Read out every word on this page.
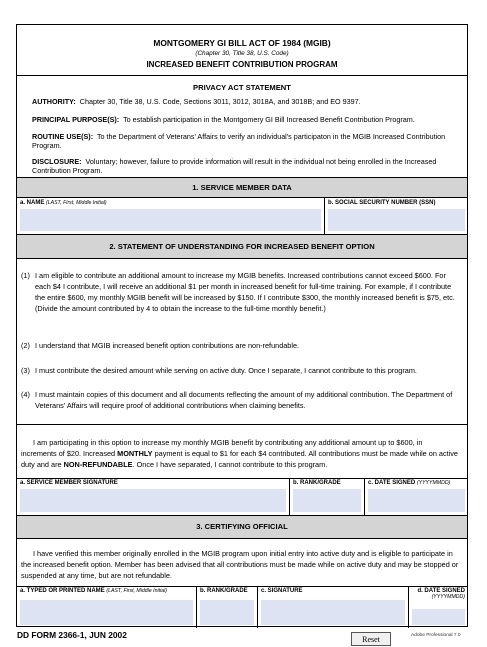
MONTGOMERY GI BILL ACT OF 1984 (MGIB)
(Chapter 30, Title 38, U.S. Code)
INCREASED BENEFIT CONTRIBUTION PROGRAM
PRIVACY ACT STATEMENT
AUTHORITY: Chapter 30, Title 38, U.S. Code, Sections 3011, 3012, 3018A, and 3018B; and EO 9397.
PRINCIPAL PURPOSE(S): To establish participation in the Montgomery GI Bill Increased Benefit Contribution Program.
ROUTINE USE(S): To the Department of Veterans' Affairs to verify an individual's participaton in the MGIB Increased Contribution Program.
DISCLOSURE: Voluntary; however, failure to provide information will result in the individual not being enrolled in the Increased Contribution Program.
1. SERVICE MEMBER DATA
a. NAME (LAST, First, Middle Initial)	b. SOCIAL SECURITY NUMBER (SSN)
2. STATEMENT OF UNDERSTANDING FOR INCREASED BENEFIT OPTION
(1) I am eligible to contribute an additional amount to increase my MGIB benefits. Increased contributions cannot exceed $600. For each $4 I contribute, I will receive an additional $1 per month in increased benefit for full-time training. For example, if I contribute the entire $600, my monthly MGIB benefit will be increased by $150. If I contribute $300, the monthly increased benefit is $75, etc. (Divide the amount contributed by 4 to obtain the increase to the full-time monthly benefit.)
(2) I understand that MGIB increased benefit option contributions are non-refundable.
(3) I must contribute the desired amount while serving on active duty. Once I separate, I cannot contribute to this program.
(4) I must maintain copies of this document and all documents reflecting the amount of my additional contribution. The Department of Veterans' Affairs will require proof of additional contributions when claiming benefits.
I am participating in this option to increase my monthly MGIB benefit by contributing any additional amount up to $600, in increments of $20. Increased MONTHLY payment is equal to $1 for each $4 contributed. All contributions must be made while on active duty and are NON-REFUNDABLE. Once I have separated, I cannot contribute to this program.
a. SERVICE MEMBER SIGNATURE	b. RANK/GRADE	c. DATE SIGNED (YYYYMMDD)
3. CERTIFYING OFFICIAL
I have verified this member originally enrolled in the MGIB program upon initial entry into active duty and is eligible to participate in the increased benefit option. Member has been advised that all contributions must be made while on active duty and may be stopped or suspended at any time, but are not refundable.
a. TYPED OR PRINTED NAME (LAST, First, Middle Initial)	b. RANK/GRADE	c. SIGNATURE	d. DATE SIGNED
(YYYYMMDD)
DD FORM 2366-1, JUN 2002	Reset	Adobe Professional 7.0
